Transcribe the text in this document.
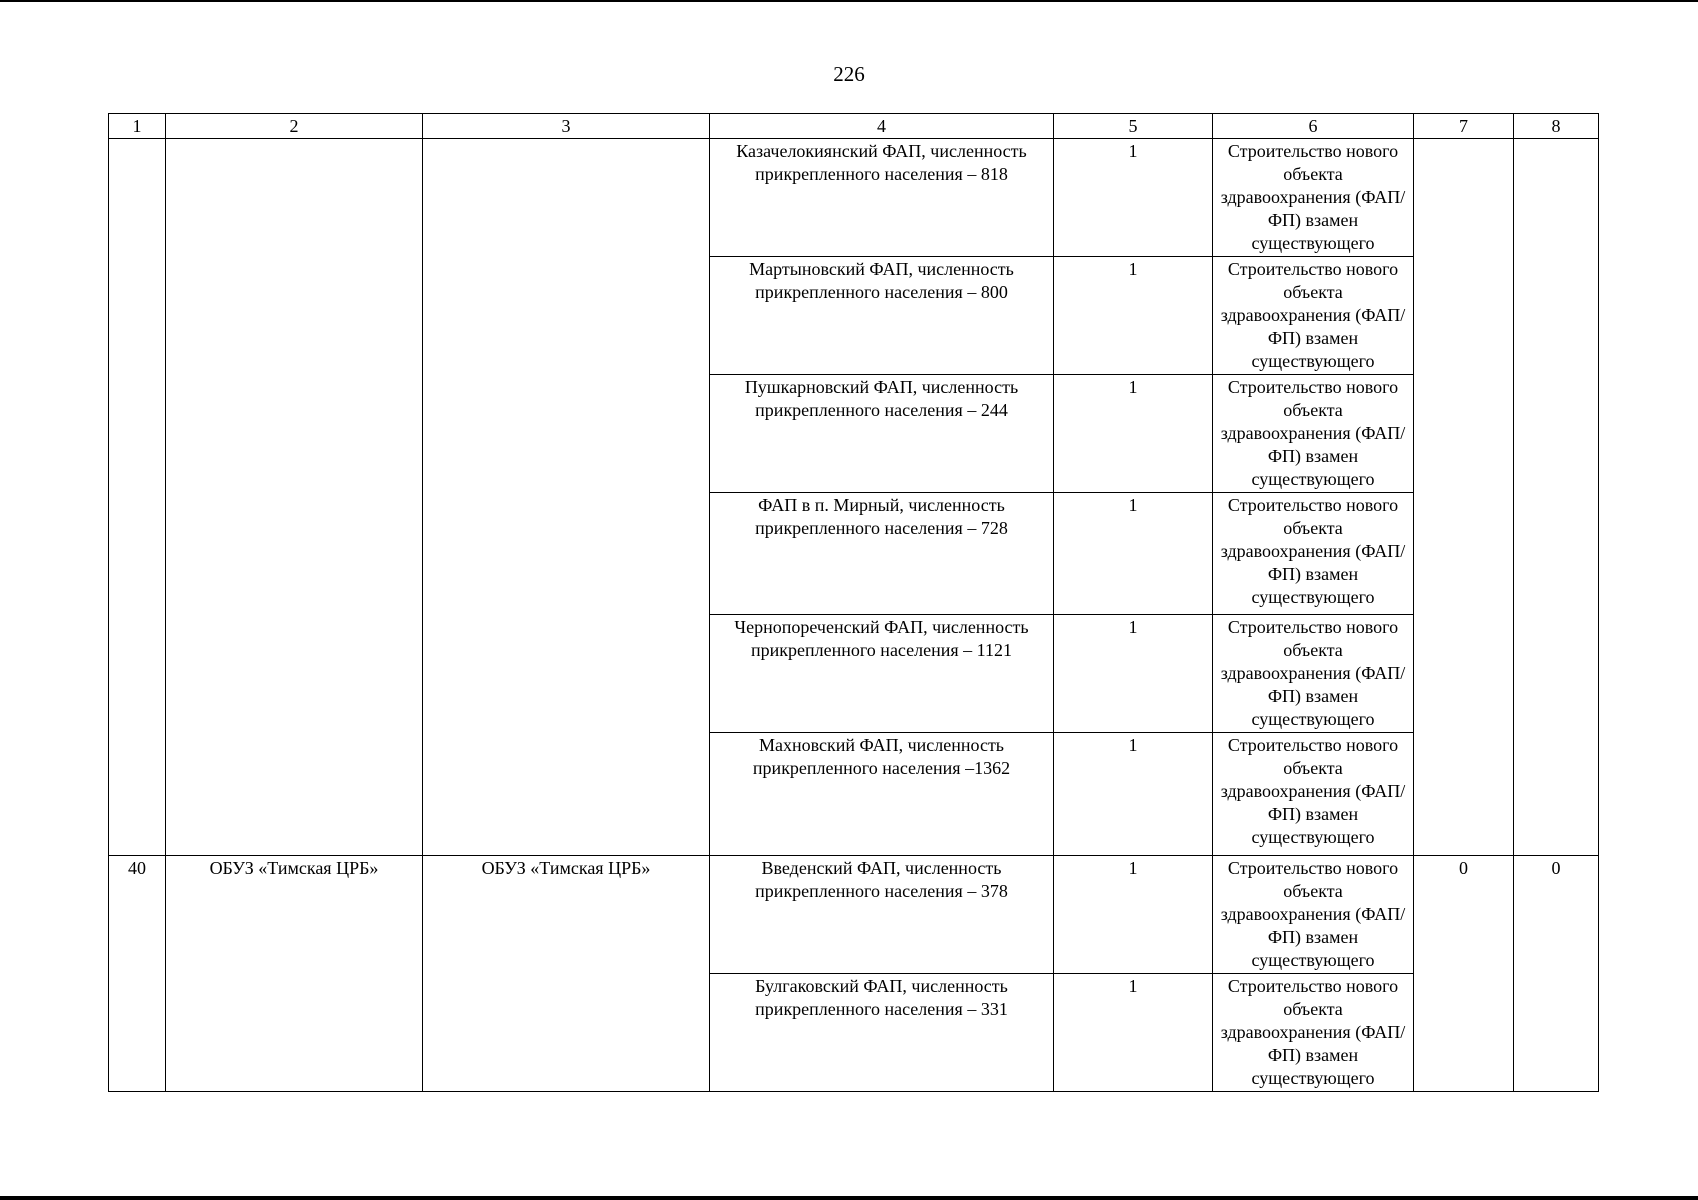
226
1	2	3	4	5	6	7	8
			Казачелокиянский ФАП, численность прикрепленного населения – 818	1	Строительство нового объекта здравоохранения (ФАП/ФП) взамен существующего		
			Мартыновский ФАП, численность прикрепленного населения – 800	1	Строительство нового объекта здравоохранения (ФАП/ФП) взамен существующего		
			Пушкарновский ФАП, численность прикрепленного населения – 244	1	Строительство нового объекта здравоохранения (ФАП/ФП) взамен существующего		
			ФАП в п. Мирный, численность прикрепленного населения – 728	1	Строительство нового объекта здравоохранения (ФАП/ФП) взамен существующего		
			Чернопореченский ФАП, численность прикрепленного населения – 1121	1	Строительство нового объекта здравоохранения (ФАП/ФП) взамен существующего		
			Махновский ФАП, численность прикрепленного населения –1362	1	Строительство нового объекта здравоохранения (ФАП/ФП) взамен существующего		
40	ОБУЗ «Тимская ЦРБ»	ОБУЗ «Тимская ЦРБ»	Введенский ФАП, численность прикрепленного населения – 378	1	Строительство нового объекта здравоохранения (ФАП/ФП) взамен существующего	0	0
			Булгаковский ФАП, численность прикрепленного населения – 331	1	Строительство нового объекта здравоохранения (ФАП/ФП) взамен существующего		
